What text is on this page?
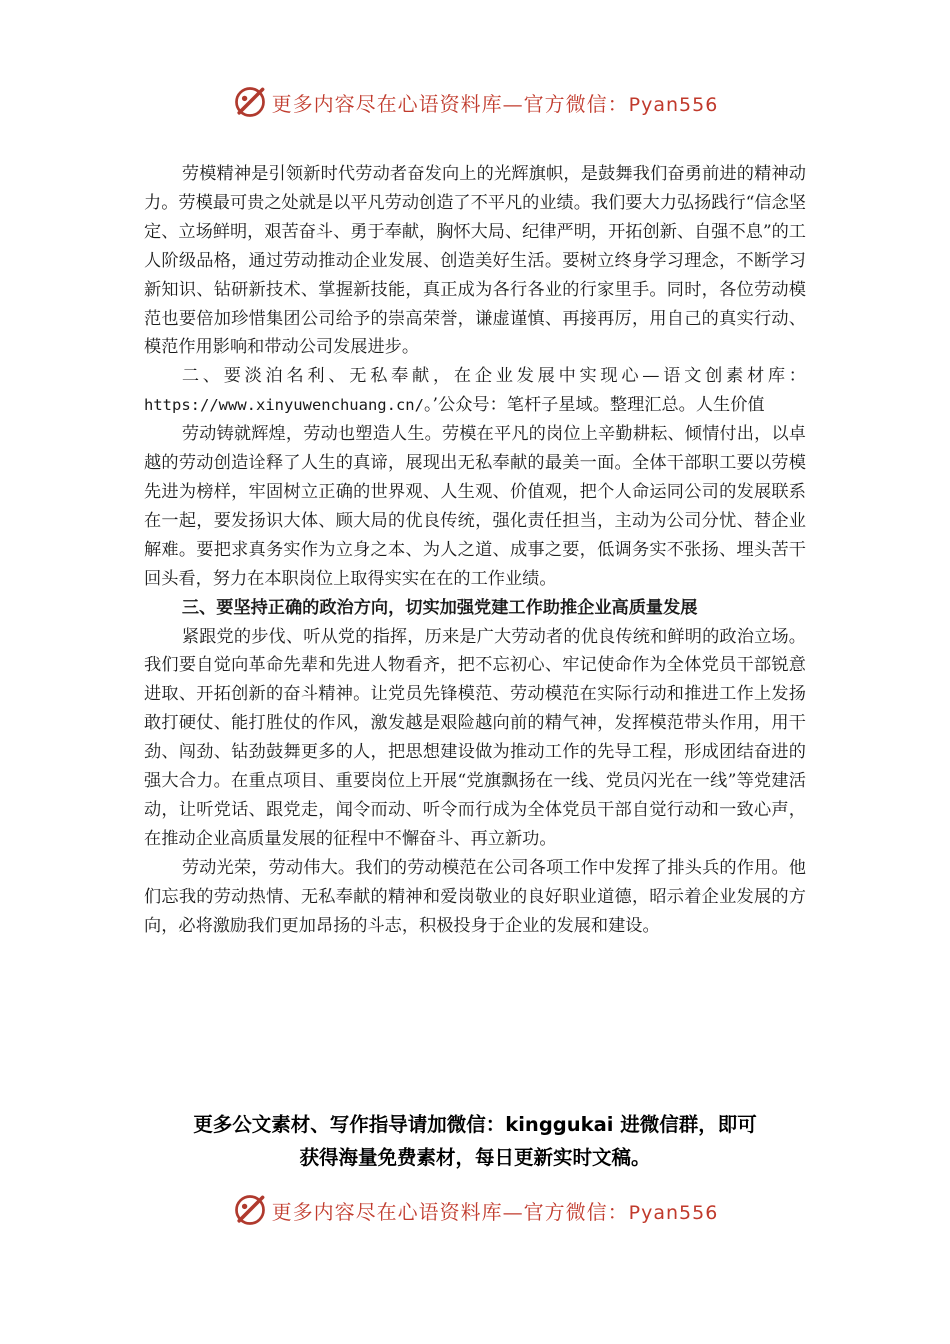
更多内容尽在心语资料库—官方微信：Pyan556

劳模精神是引领新时代劳动者奋发向上的光辉旗帜，是鼓舞我们奋勇前进的精神动力。劳模最可贵之处就是以平凡劳动创造了不平凡的业绩。我们要大力弘扬践行“信念坚定、立场鲜明，艰苦奋斗、勇于奉献，胸怀大局、纪律严明，开拓创新、自强不息”的工人阶级品格，通过劳动推动企业发展、创造美好生活。要树立终身学习理念，不断学习新知识、钻研新技术、掌握新技能，真正成为各行各业的行家里手。同时，各位劳动模范也要倍加珍惜集团公司给予的崇高荣誉，谦虚谨慎、再接再厉，用自己的真实行动、模范作用影响和带动公司发展进步。

二、要淡泊名利、无私奉献，在企业发展中实现心—语文创素材库：https://www.xinyuwenchuang.cn/。’公众号：笔杆子星域。整理汇总。人生价值

劳动铸就辉煌，劳动也塑造人生。劳模在平凡的岗位上辛勤耕耘、倾情付出，以卓越的劳动创造诠释了人生的真谛，展现出无私奉献的最美一面。全体干部职工要以劳模先进为榜样，牢固树立正确的世界观、人生观、价值观，把个人命运同公司的发展联系在一起，要发扬识大体、顾大局的优良传统，强化责任担当，主动为公司分忧、替企业解难。要把求真务实作为立身之本、为人之道、成事之要，低调务实不张扬、埋头苦干回头看，努力在本职岗位上取得实实在在的工作业绩。

三、要坚持正确的政治方向，切实加强党建工作助推企业高质量发展

紧跟党的步伐、听从党的指挥，历来是广大劳动者的优良传统和鲜明的政治立场。我们要自觉向革命先辈和先进人物看齐，把不忘初心、牢记使命作为全体党员干部锐意进取、开拓创新的奋斗精神。让党员先锋模范、劳动模范在实际行动和推进工作上发扬敢打硬仗、能打胜仗的作风，激发越是艰险越向前的精气神，发挥模范带头作用，用干劲、闯劲、钻劲鼓舞更多的人，把思想建设做为推动工作的先导工程，形成团结奋进的强大合力。在重点项目、重要岗位上开展“党旗飘扬在一线、党员闪光在一线”等党建活动，让听党话、跟党走，闻令而动、听令而行成为全体党员干部自觉行动和一致心声，在推动企业高质量发展的征程中不懈奋斗、再立新功。

劳动光荣，劳动伟大。我们的劳动模范在公司各项工作中发挥了排头兵的作用。他们忘我的劳动热情、无私奉献的精神和爱岗敬业的良好职业道德，昭示着企业发展的方向，必将激励我们更加昂扬的斗志，积极投身于企业的发展和建设。

更多公文素材、写作指导请加微信：kinggukai 进微信群，即可
获得海量免费素材，每日更新实时文稿。
更多内容尽在心语资料库—官方微信：Pyan556
